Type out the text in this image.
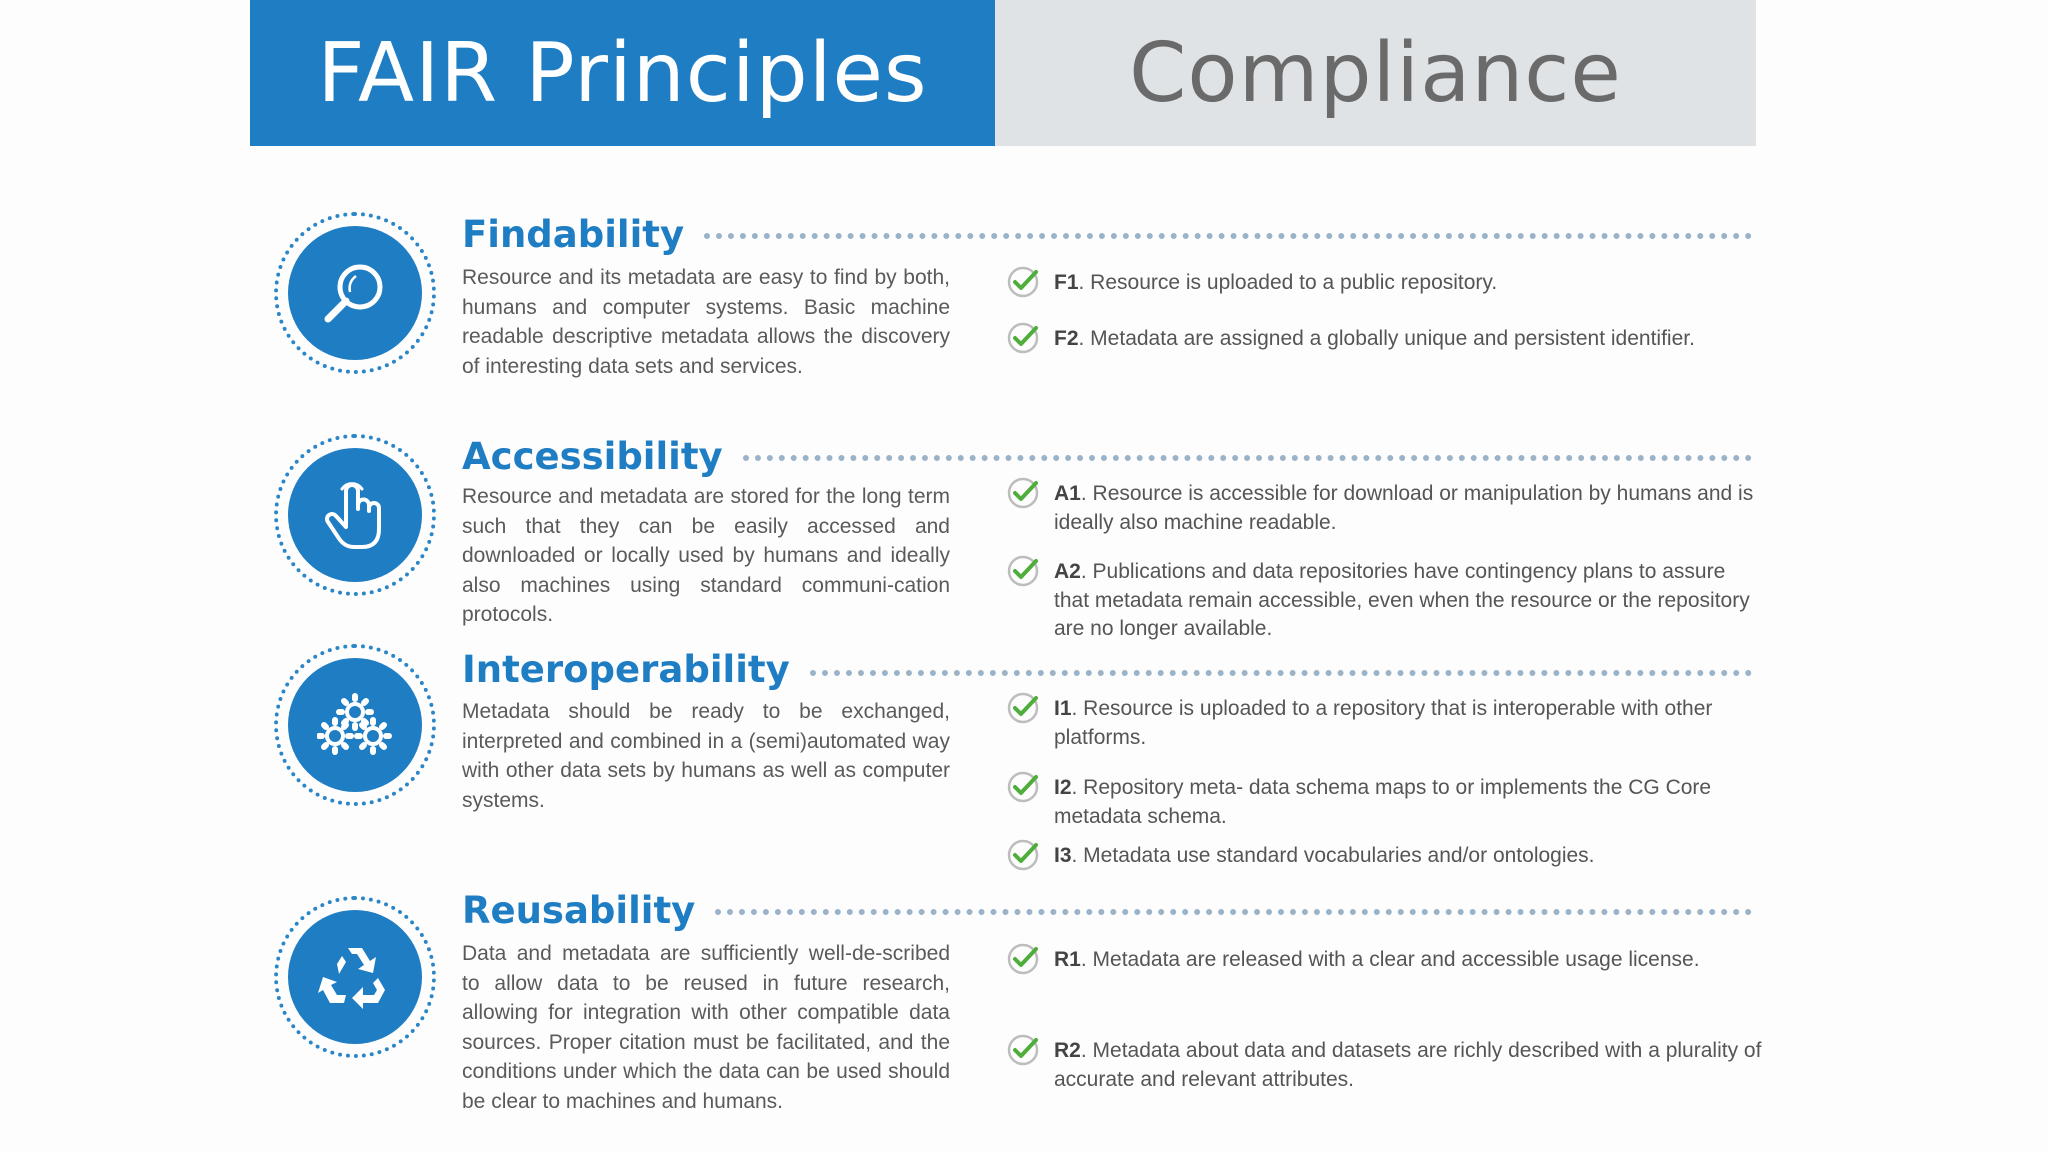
FAIR Principles Compliance
Findability

Resource and its metadata are easy to find by both, humans and computer systems. Basic machine readable descriptive metadata allows the discovery of interesting data sets and services.

F1. Resource is uploaded to a public repository.
F2. Metadata are assigned a globally unique and persistent identifier.
Accessibility

Resource and metadata are stored for the long term such that they can be easily accessed and downloaded or locally used by humans and ideally also machines using standard communi-cation protocols.

A1. Resource is accessible for download or manipulation by humans and is ideally also machine readable.
A2. Publications and data repositories have contingency plans to assure that metadata remain accessible, even when the resource or the repository are no longer available.
Interoperability

Metadata should be ready to be exchanged, interpreted and combined in a (semi)automated way with other data sets by humans as well as computer systems.

I1. Resource is uploaded to a repository that is interoperable with other platforms.
I2. Repository meta- data schema maps to or implements the CG Core metadata schema.
I3. Metadata use standard vocabularies and/or ontologies.
Reusability

Data and metadata are sufficiently well-de-scribed to allow data to be reused in future research, allowing for integration with other compatible data sources. Proper citation must be facilitated, and the conditions under which the data can be used should be clear to machines and humans.

R1. Metadata are released with a clear and accessible usage license.
R2. Metadata about data and datasets are richly described with a plurality of accurate and relevant attributes.
